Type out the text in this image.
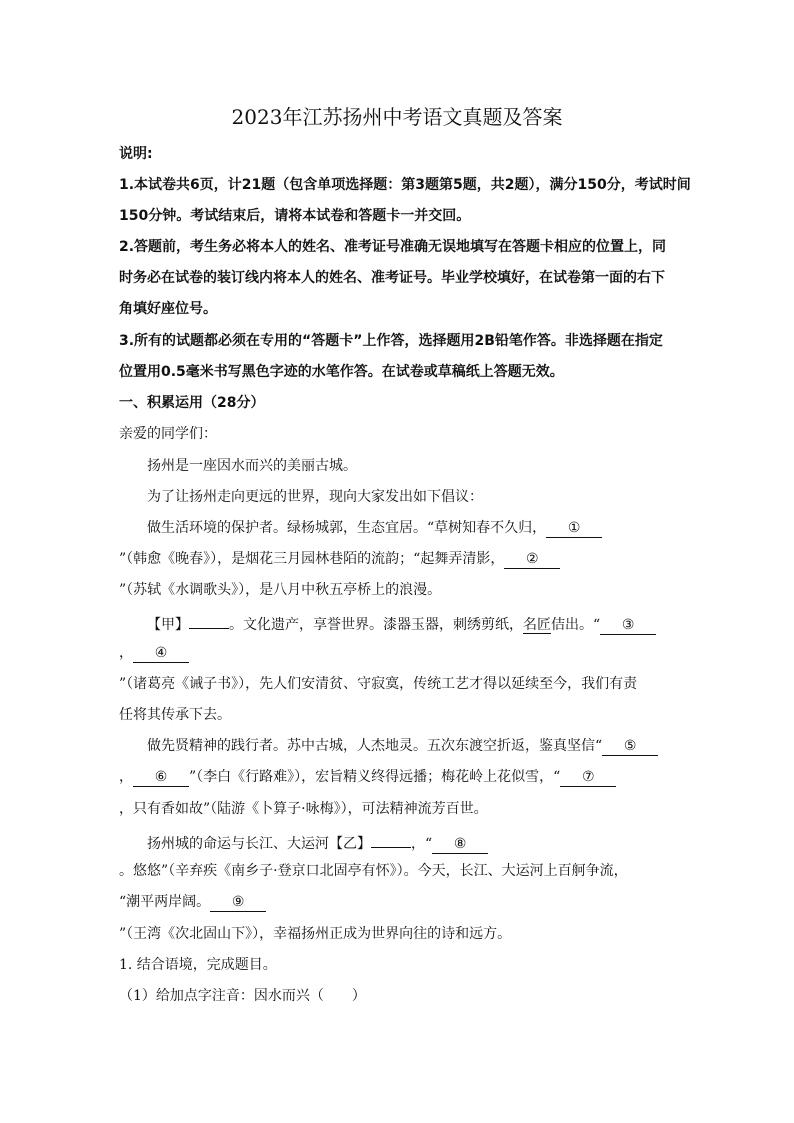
2023年江苏扬州中考语文真题及答案
说明:
1.本试卷共6页，计21题（包含单项选择题：第3题第5题，共2题），满分150分，考试时间
150分钟。考试结束后，请将本试卷和答题卡一并交回。
2.答题前，考生务必将本人的姓名、准考证号准确无误地填写在答题卡相应的位置上，同
时务必在试卷的装订线内将本人的姓名、准考证号。毕业学校填好，在试卷第一面的右下
角填好座位号。
3.所有的试题都必须在专用的“答题卡”上作答，选择题用2B铅笔作答。非选择题在指定
位置用0.5毫米书写黑色字迹的水笔作答。在试卷或草稿纸上答题无效。
一、积累运用（28分）
亲爱的同学们：
扬州是一座因水而兴的美丽古城。
为了让扬州走向更远的世界，现向大家发出如下倡议：
做生活环境的保护者。绿杨城郭，生态宜居。“草树知春不久归， ①
”（韩愈《晚春》），是烟花三月园林巷陌的流韵；“起舞弄清影， ②
”（苏轼《水调歌头》），是八月中秋五亭桥上的浪漫。
【甲】	。文化遗产，享誉世界。漆器玉器，刺绣剪纸，名匠佶出。“ ③
， ④
”（诸葛亮《诫子书》），先人们安清贫、守寂寞，传统工艺才得以延续至今，我们有责
任将其传承下去。
做先贤精神的践行者。苏中古城，人杰地灵。五次东渡空折返，鉴真坚信“ ⑤
， ⑥ ”（李白《行路难》），宏旨精义终得远播；梅花岭上花似雪，“ ⑦
，只有香如故”（陆游《卜算子·咏梅》），可法精神流芳百世。
扬州城的命运与长江、大运河【乙】	，“ ⑧
。悠悠”（辛弃疾《南乡子·登京口北固亭有怀》）。今天，长江、大运河上百舸争流，
“潮平两岸阔。 ⑨
”（王湾《次北固山下》），幸福扬州正成为世界向往的诗和远方。
1. 结合语境，完成题目。
（1）给加点字注音：因水而兴（　　）
